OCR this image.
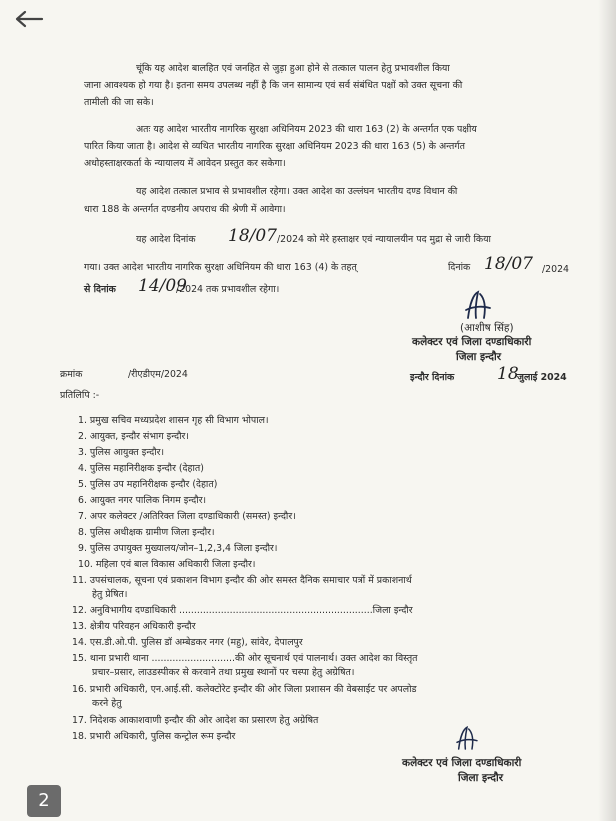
चूंकि यह आदेश बालहित एवं जनहित से जुड़ा हुआ होने से तत्काल पालन हेतु प्रभावशील किया
जाना आवश्यक हो गया है। इतना समय उपलब्ध नहीं है कि जन सामान्य एवं सर्व संबंधित पक्षों को उक्त सूचना की
तामीली की जा सके।
अतः यह आदेश भारतीय नागरिक सुरक्षा अधिनियम 2023 की धारा 163 (2) के अन्तर्गत एक पक्षीय
पारित किया जाता है। आदेश से व्यथित भारतीय नागरिक सुरक्षा अधिनियम 2023 की धारा 163 (5) के अन्तर्गत
अधोहस्ताक्षरकर्ता के न्यायालय में आवेदन प्रस्तुत कर सकेगा।
यह आदेश तत्काल प्रभाव से प्रभावशील रहेगा। उक्त आदेश का उल्लंघन भारतीय दण्ड विधान की
धारा 188 के अन्तर्गत दण्डनीय अपराध की श्रेणी में आवेगा।
यह आदेश दिनांक 18/07 /2024 को मेरे हस्ताक्षर एवं न्यायालयीन पद मुद्रा से जारी किया
गया। उक्त आदेश भारतीय नागरिक सुरक्षा अधिनियम की धारा 163 (4) के तहत्	दिनांक 18/07 /2024
से दिनांक 14/09
/2024 तक प्रभावशील रहेगा।
(आशीष सिंह)
कलेक्टर एवं जिला दण्डाधिकारी
जिला इन्दौर
क्रमांक	/रीएडीएम/2024	इन्दौर दिनांक	18
जुलाई 2024
प्रतिलिपि :-
1. प्रमुख सचिव मध्यप्रदेश शासन गृह सी विभाग भोपाल।
2. आयुक्त, इन्दौर संभाग इन्दौर।
3. पुलिस आयुक्त इन्दौर।
4. पुलिस महानिरीक्षक इन्दौर (देहात)
5. पुलिस उप महानिरीक्षक इन्दौर (देहात)
6. आयुक्त नगर पालिक निगम इन्दौर।
7. अपर कलेक्टर /अतिरिक्त जिला दण्डाधिकारी (समस्त) इन्दौर।
8. पुलिस अधीक्षक ग्रामीण जिला इन्दौर।
9. पुलिस उपायुक्त मुख्यालय/जोन–1,2,3,4 जिला इन्दौर।
10. महिला एवं बाल विकास अधिकारी जिला इन्दौर।
11. उपसंचालक, सूचना एवं प्रकाशन विभाग इन्दौर की ओर समस्त दैनिक समाचार पत्रों में प्रकाशनार्थ
हेतु प्रेषित।
12. अनुविभागीय दण्डाधिकारी .................................................................जिला इन्दौर
13. क्षेत्रीय परिवहन अधिकारी इन्दौर
14. एस.डी.ओ.पी. पुलिस डॉ अम्बेडकर नगर (महु), सांवेर, देपालपुर
15. थाना प्रभारी थाना ............................की ओर सूचनार्थ एवं पालनार्थ। उक्त आदेश का विस्तृत
प्रचार–प्रसार, लाउडस्पीकर से करवाने तथा प्रमुख स्थानों पर चस्पा हेतु अग्रेषित।
16. प्रभारी अधिकारी, एन.आई.सी. कलेक्टोरेट इन्दौर की ओर जिला प्रशासन की वेबसाईट पर अपलोड
करने हेतु
17. निदेशक आकाशवाणी इन्दौर की ओर आदेश का प्रसारण हेतु अग्रेषित
18. प्रभारी अधिकारी, पुलिस कन्ट्रोल रूम इन्दौर
कलेक्टर एवं जिला दण्डाधिकारी
जिला इन्दौर
2
